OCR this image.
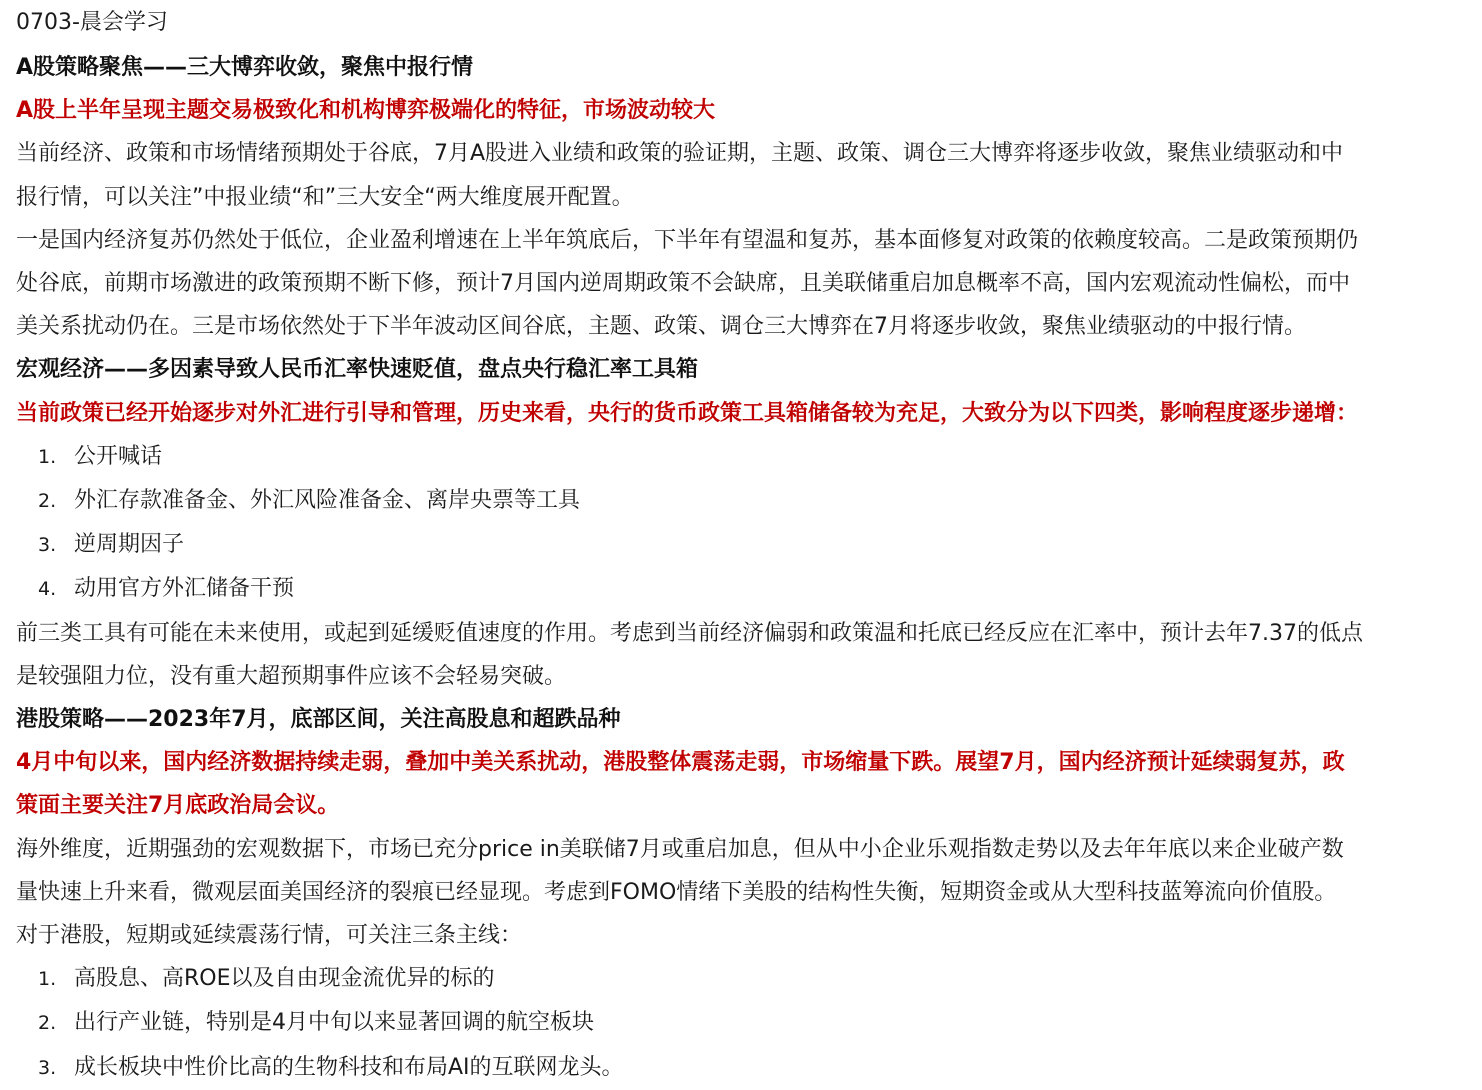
0703-晨会学习
A股策略聚焦——三大博弈收敛，聚焦中报行情
A股上半年呈现主题交易极致化和机构博弈极端化的特征，市场波动较大
当前经济、政策和市场情绪预期处于谷底，7月A股进入业绩和政策的验证期，主题、政策、调仓三大博弈将逐步收敛，聚焦业绩驱动和中
报行情，可以关注”中报业绩“和”三大安全“两大维度展开配置。
一是国内经济复苏仍然处于低位，企业盈利增速在上半年筑底后，下半年有望温和复苏，基本面修复对政策的依赖度较高。二是政策预期仍
处谷底，前期市场激进的政策预期不断下修，预计7月国内逆周期政策不会缺席，且美联储重启加息概率不高，国内宏观流动性偏松，而中
美关系扰动仍在。三是市场依然处于下半年波动区间谷底，主题、政策、调仓三大博弈在7月将逐步收敛，聚焦业绩驱动的中报行情。
宏观经济——多因素导致人民币汇率快速贬值，盘点央行稳汇率工具箱
当前政策已经开始逐步对外汇进行引导和管理，历史来看，央行的货币政策工具箱储备较为充足，大致分为以下四类，影响程度逐步递增：
1. 公开喊话
2. 外汇存款准备金、外汇风险准备金、离岸央票等工具
3. 逆周期因子
4. 动用官方外汇储备干预
前三类工具有可能在未来使用，或起到延缓贬值速度的作用。考虑到当前经济偏弱和政策温和托底已经反应在汇率中，预计去年7.37的低点
是较强阻力位，没有重大超预期事件应该不会轻易突破。
港股策略——2023年7月，底部区间，关注高股息和超跌品种
4月中旬以来，国内经济数据持续走弱，叠加中美关系扰动，港股整体震荡走弱，市场缩量下跌。展望7月，国内经济预计延续弱复苏，政
策面主要关注7月底政治局会议。
海外维度，近期强劲的宏观数据下，市场已充分price in美联储7月或重启加息，但从中小企业乐观指数走势以及去年年底以来企业破产数
量快速上升来看，微观层面美国经济的裂痕已经显现。考虑到FOMO情绪下美股的结构性失衡，短期资金或从大型科技蓝筹流向价值股。
对于港股，短期或延续震荡行情，可关注三条主线：
1. 高股息、高ROE以及自由现金流优异的标的
2. 出行产业链，特别是4月中旬以来显著回调的航空板块
3. 成长板块中性价比高的生物科技和布局AI的互联网龙头。
